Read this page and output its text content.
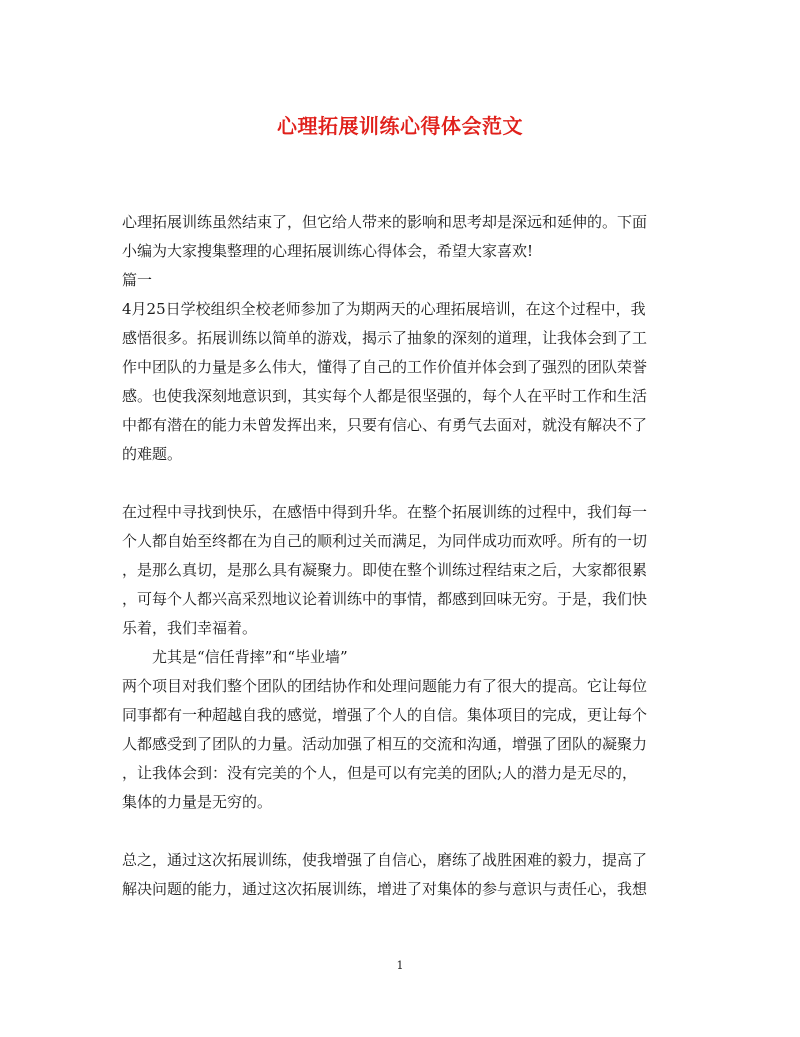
心理拓展训练心得体会范文
心理拓展训练虽然结束了，但它给人带来的影响和思考却是深远和延伸的。下面
小编为大家搜集整理的心理拓展训练心得体会，希望大家喜欢!
篇一
4月25日学校组织全校老师参加了为期两天的心理拓展培训，在这个过程中，我
感悟很多。拓展训练以简单的游戏，揭示了抽象的深刻的道理，让我体会到了工
作中团队的力量是多么伟大，懂得了自己的工作价值并体会到了强烈的团队荣誉
感。也使我深刻地意识到，其实每个人都是很坚强的，每个人在平时工作和生活
中都有潜在的能力未曾发挥出来，只要有信心、有勇气去面对，就没有解决不了
的难题。
在过程中寻找到快乐，在感悟中得到升华。在整个拓展训练的过程中，我们每一
个人都自始至终都在为自己的顺利过关而满足，为同伴成功而欢呼。所有的一切
，是那么真切，是那么具有凝聚力。即使在整个训练过程结束之后，大家都很累
，可每个人都兴高采烈地议论着训练中的事情，都感到回味无穷。于是，我们快
乐着，我们幸福着。
尤其是“信任背摔”和“毕业墙”
两个项目对我们整个团队的团结协作和处理问题能力有了很大的提高。它让每位
同事都有一种超越自我的感觉，增强了个人的自信。集体项目的完成，更让每个
人都感受到了团队的力量。活动加强了相互的交流和沟通，增强了团队的凝聚力
，让我体会到：没有完美的个人，但是可以有完美的团队;人的潜力是无尽的，
集体的力量是无穷的。
总之，通过这次拓展训练，使我增强了自信心，磨练了战胜困难的毅力，提高了
解决问题的能力，通过这次拓展训练，增进了对集体的参与意识与责任心，我想
1
